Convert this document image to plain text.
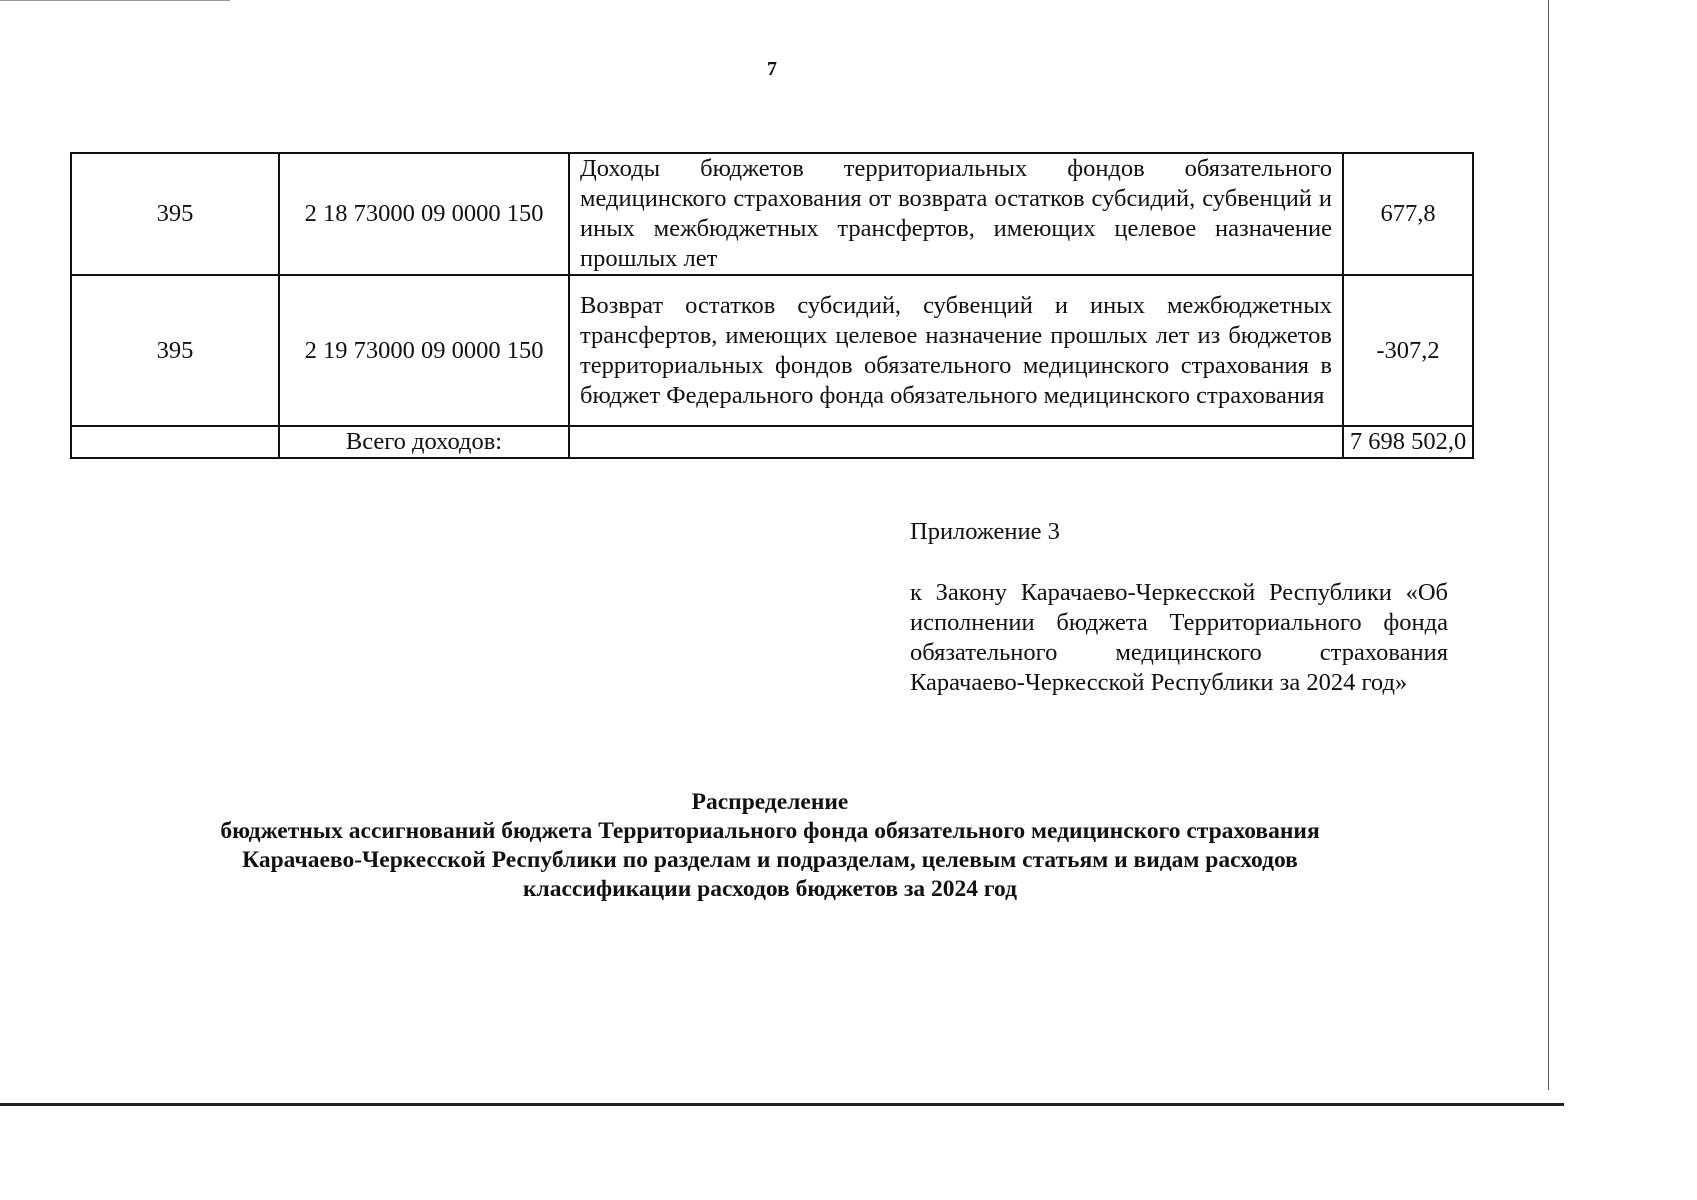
7
395	2 18 73000 09 0000 150	Доходы бюджетов территориальных фондов обязательного медицинского страхования от возврата остатков субсидий, субвенций и иных межбюджетных трансфертов, имеющих целевое назначение прошлых лет	677,8
395	2 19 73000 09 0000 150	Возврат остатков субсидий, субвенций и иных межбюджетных трансфертов, имеющих целевое назначение прошлых лет из бюджетов территориальных фондов обязательного медицинского страхования в бюджет Федерального фонда обязательного медицинского страхования	-307,2
	Всего доходов:		7 698 502,0
Приложение 3
к Закону Карачаево-Черкесской Республики «Об исполнении бюджета Территориального фонда обязательного медицинского страхования Карачаево-Черкесской Республики за 2024 год»
Распределение
бюджетных ассигнований бюджета Территориального фонда обязательного медицинского страхования
Карачаево-Черкесской Республики по разделам и подразделам, целевым статьям и видам расходов
классификации расходов бюджетов за 2024 год
